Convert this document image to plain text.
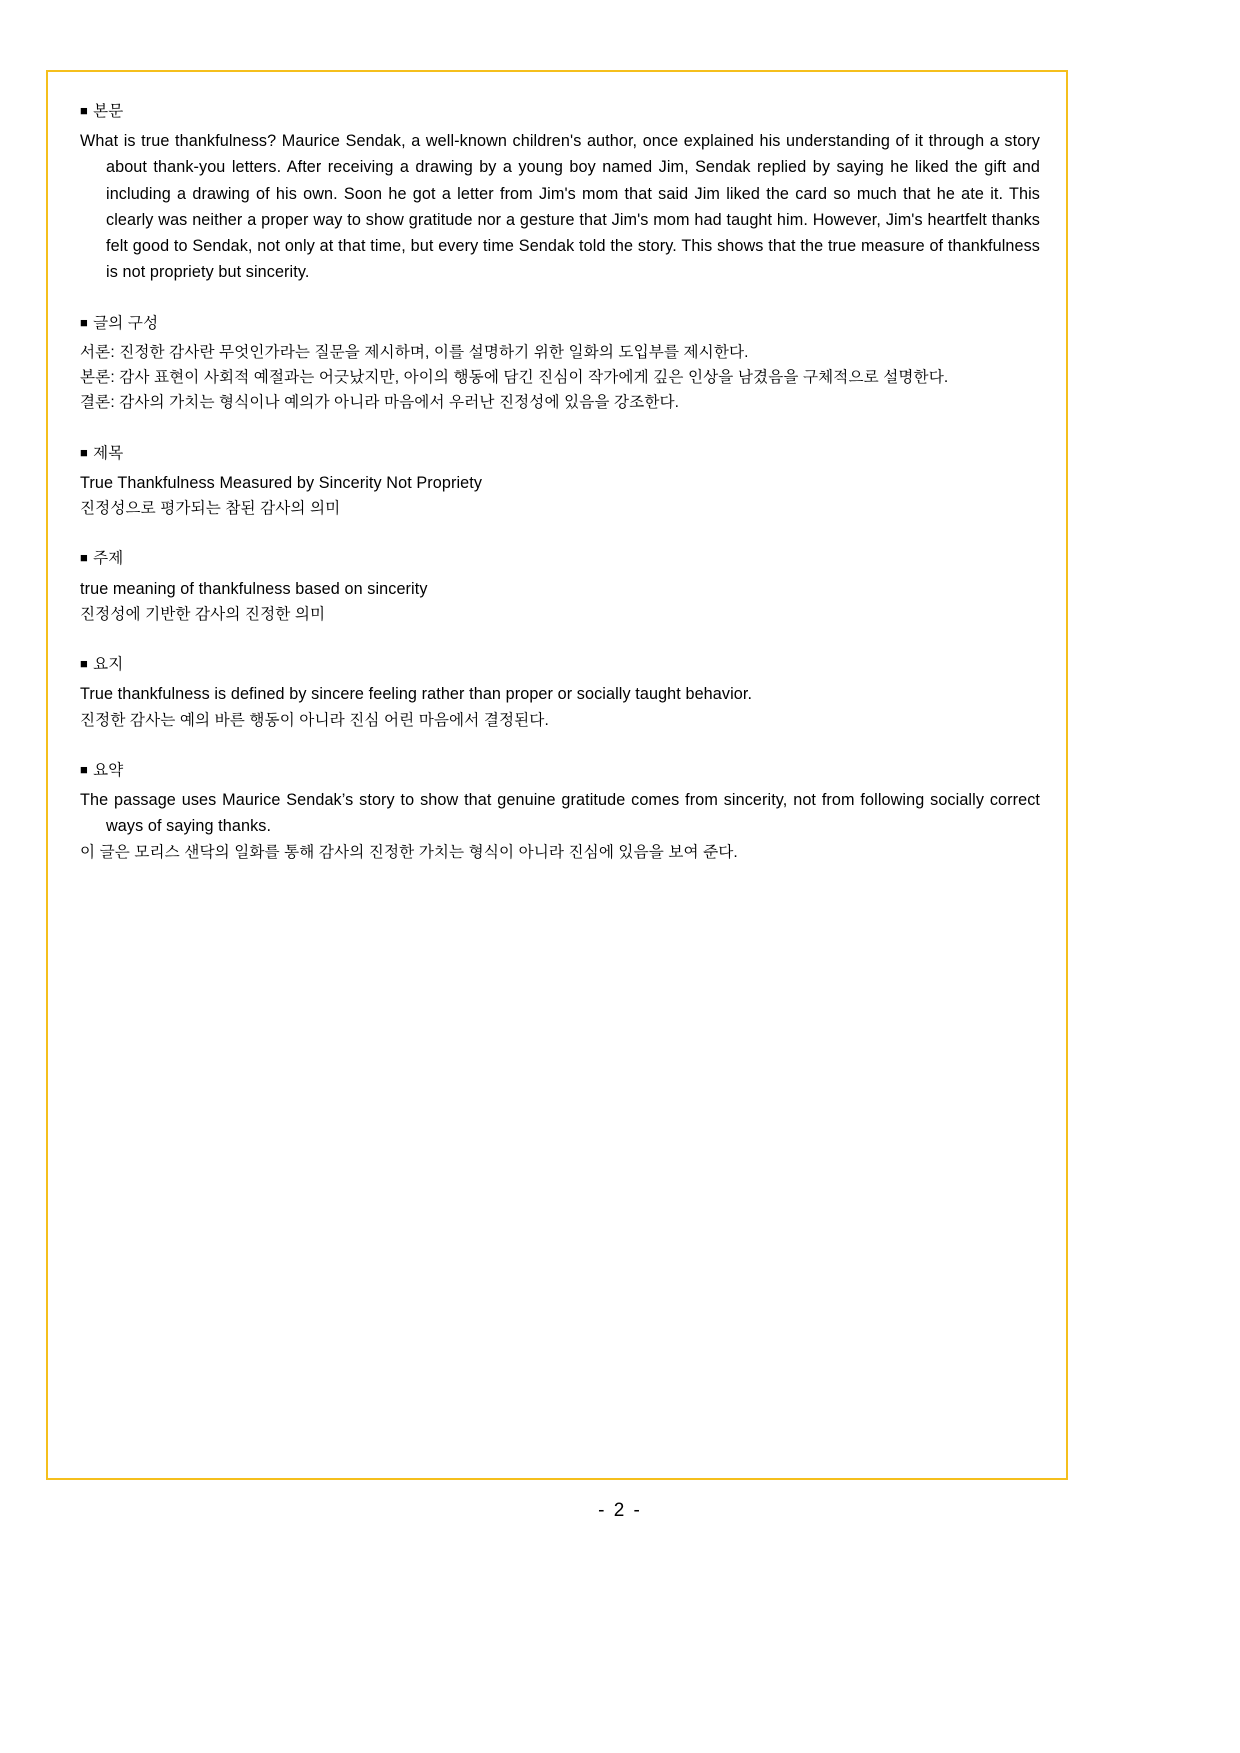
■ 본문

What is true thankfulness? Maurice Sendak, a well-known children's author, once explained his understanding of it through a story about thank-you letters. After receiving a drawing by a young boy named Jim, Sendak replied by saying he liked the gift and including a drawing of his own. Soon he got a letter from Jim's mom that said Jim liked the card so much that he ate it. This clearly was neither a proper way to show gratitude nor a gesture that Jim's mom had taught him. However, Jim's heartfelt thanks felt good to Sendak, not only at that time, but every time Sendak told the story. This shows that the true measure of thankfulness is not propriety but sincerity.

■ 글의 구성

서론: 진정한 감사란 무엇인가라는 질문을 제시하며, 이를 설명하기 위한 일화의 도입부를 제시한다.

본론: 감사 표현이 사회적 예절과는 어긋났지만, 아이의 행동에 담긴 진심이 작가에게 깊은 인상을 남겼음을 구체적으로 설명한다.

결론: 감사의 가치는 형식이나 예의가 아니라 마음에서 우러난 진정성에 있음을 강조한다.

■ 제목

True Thankfulness Measured by Sincerity Not Propriety

진정성으로 평가되는 참된 감사의 의미

■ 주제

true meaning of thankfulness based on sincerity

진정성에 기반한 감사의 진정한 의미

■ 요지

True thankfulness is defined by sincere feeling rather than proper or socially taught behavior.

진정한 감사는 예의 바른 행동이 아니라 진심 어린 마음에서 결정된다.

■ 요약

The passage uses Maurice Sendak’s story to show that genuine gratitude comes from sincerity, not from following socially correct ways of saying thanks.

이 글은 모리스 샌닥의 일화를 통해 감사의 진정한 가치는 형식이 아니라 진심에 있음을 보여 준다.

- 2 -
